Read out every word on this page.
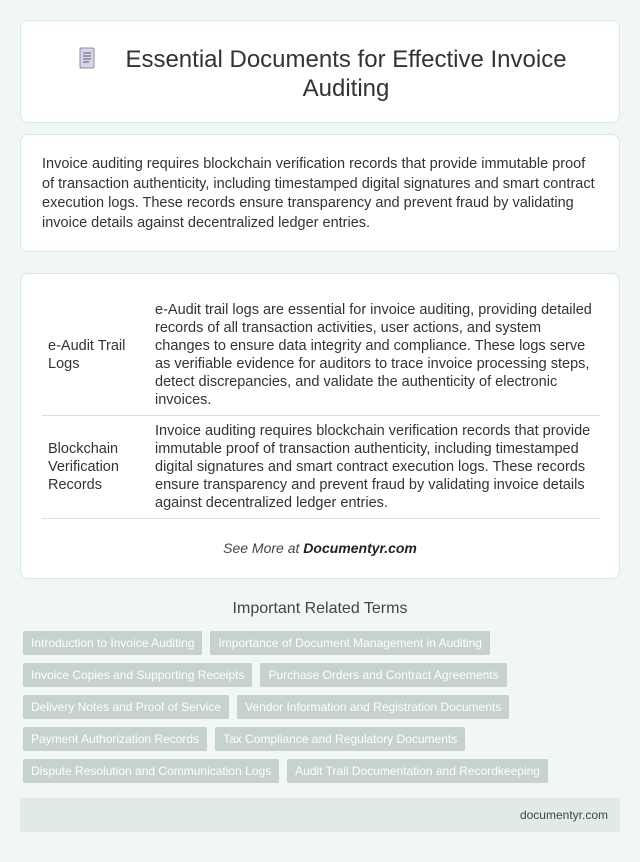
Essential Documents for Effective Invoice Auditing

Invoice auditing requires blockchain verification records that provide immutable proof of transaction authenticity, including timestamped digital signatures and smart contract execution logs. These records ensure transparency and prevent fraud by validating invoice details against decentralized ledger entries.

e-Audit Trail Logs	e-Audit trail logs are essential for invoice auditing, providing detailed records of all transaction activities, user actions, and system changes to ensure data integrity and compliance. These logs serve as verifiable evidence for auditors to trace invoice processing steps, detect discrepancies, and validate the authenticity of electronic invoices.
Blockchain Verification Records	Invoice auditing requires blockchain verification records that provide immutable proof of transaction authenticity, including timestamped digital signatures and smart contract execution logs. These records ensure transparency and prevent fraud by validating invoice details against decentralized ledger entries.
See More at Documentyr.com
Important Related Terms
Introduction to Invoice Auditing	Importance of Document Management in Auditing
Invoice Copies and Supporting Receipts	Purchase Orders and Contract Agreements
Delivery Notes and Proof of Service	Vendor Information and Registration Documents
Payment Authorization Records	Tax Compliance and Regulatory Documents
Dispute Resolution and Communication Logs	Audit Trail Documentation and Recordkeeping
documentyr.com
